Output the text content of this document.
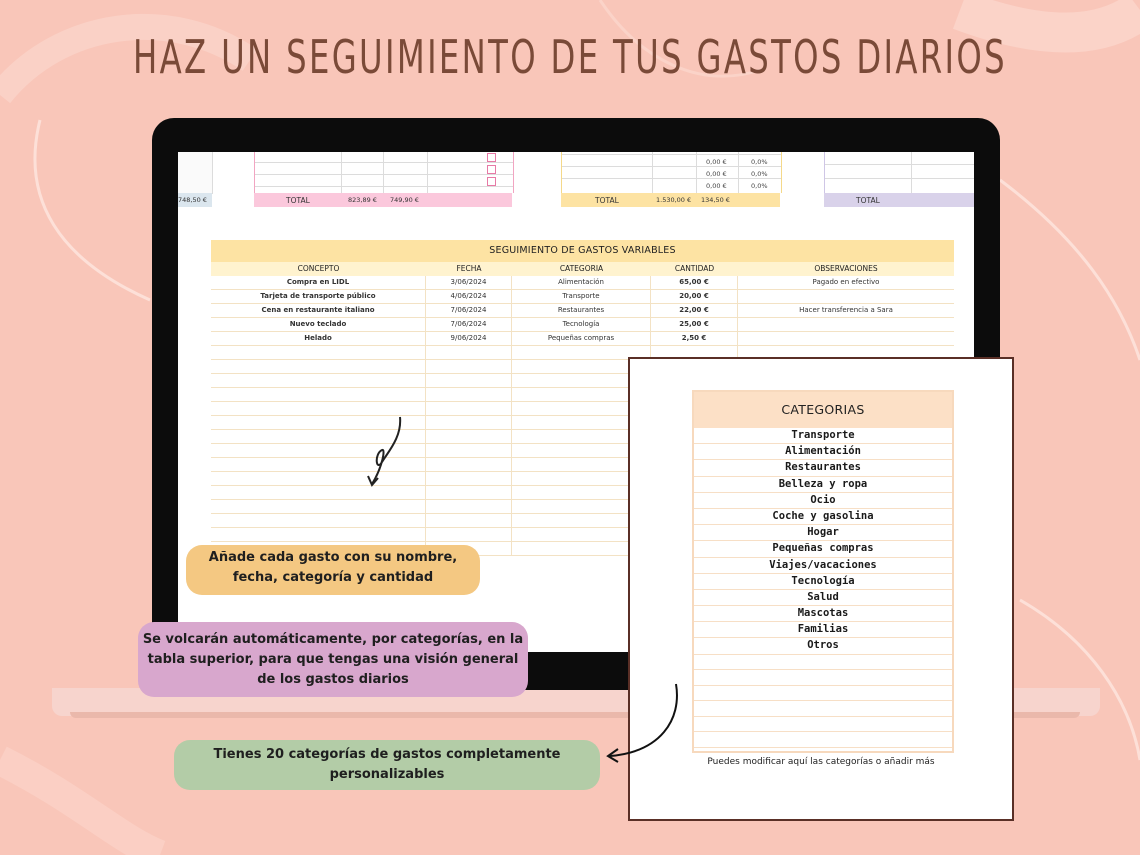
HAZ UN SEGUIMIENTO DE TUS GASTOS DIARIOS
748,50 €	TOTAL	823,89 € 749,90 €
0,00 €	0,0%
0,00 €	0,0%
0,00 €	0,0%
TOTAL	1.530,00 € 134,50 €	TOTAL
SEGUIMIENTO DE GASTOS VARIABLES
CONCEPTO	FECHA	CATEGORIA	CANTIDAD	OBSERVACIONES
Compra en LIDL	3/06/2024	Alimentación	65,00 €	Pagado en efectivo
Tarjeta de transporte público	4/06/2024	Transporte	20,00 €
Cena en restaurante italiano	7/06/2024	Restaurantes	22,00 €	Hacer transferencia a Sara
Nuevo teclado	7/06/2024	Tecnología	25,00 €
Helado	9/06/2024	Pequeñas compras	2,50 €
Añade cada gasto con su nombre, fecha, categoría y cantidad
Se volcarán automáticamente, por categorías, en la tabla superior, para que tengas una visión general de los gastos diarios
Tienes 20 categorías de gastos completamente personalizables
CATEGORIAS
Transporte
Alimentación
Restaurantes
Belleza y ropa
Ocio
Coche y gasolina
Hogar
Pequeñas compras
Viajes/vacaciones
Tecnología
Salud
Mascotas
Familias
Otros
Puedes modificar aquí las categorías o añadir más
